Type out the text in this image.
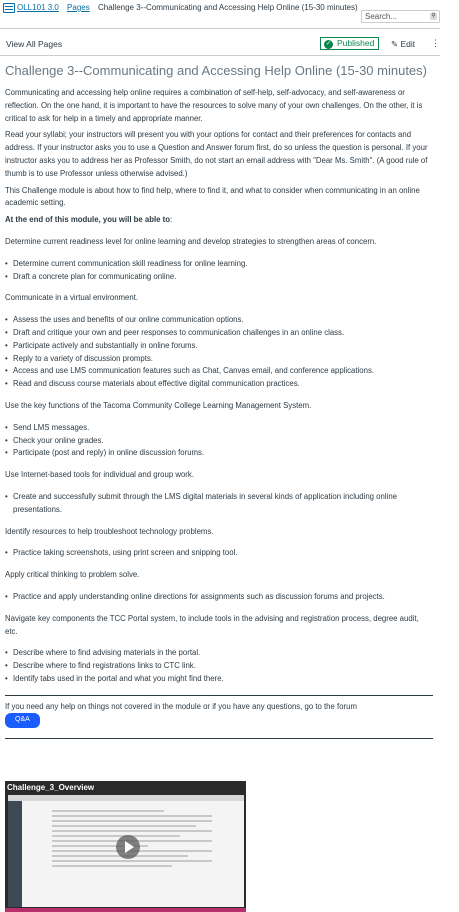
OLL101 3.0 Pages Challenge 3--Communicating and Accessing Help Online (15-30 minutes)
Search...	⚲
View All Pages	✓ Published	✎ Edit ⋮
Challenge 3--Communicating and Accessing Help Online (15-30 minutes)

Communicating and accessing help online requires a combination of self-help, self-advocacy, and self-awareness or reflection. On the one hand, it is important to have the resources to solve many of your own challenges. On the other, it is critical to ask for help in a timely and appropriate manner.

Read your syllabi; your instructors will present you with your options for contact and their preferences for contacts and address. If your instructor asks you to use a Question and Answer forum first, do so unless the question is personal. If your instructor asks you to address her as Professor Smith, do not start an email address with "Dear Ms. Smith". (A good rule of thumb is to use Professor unless otherwise advised.)

This Challenge module is about how to find help, where to find it, and what to consider when communicating in an online academic setting.

At the end of this module, you will be able to:

Determine current readiness level for online learning and develop strategies to strengthen areas of concern.

• Determine current communication skill readiness for online learning.
• Draft a concrete plan for communicating online.

Communicate in a virtual environment.

• Assess the uses and benefits of our online communication options.
• Draft and critique your own and peer responses to communication challenges in an online class.
• Participate actively and substantially in online forums.
• Reply to a variety of discussion prompts.
• Access and use LMS communication features such as Chat, Canvas email, and conference applications.
• Read and discuss course materials about effective digital communication practices.

Use the key functions of the Tacoma Community College Learning Management System.

• Send LMS messages.
• Check your online grades.
• Participate (post and reply) in online discussion forums.

Use Internet-based tools for individual and group work.

• Create and successfully submit through the LMS digital materials in several kinds of application including online presentations.

Identify resources to help troubleshoot technology problems.

• Practice taking screenshots, using print screen and snipping tool.

Apply critical thinking to problem solve.

• Practice and apply understanding online directions for assignments such as discussion forums and projects.

Navigate key components the TCC Portal system, to include tools in the advising and registration process, degree audit, etc.

• Describe where to find advising materials in the portal.
• Describe where to find registrations links to CTC link.
• Identify tabs used in the portal and what you might find there.

If you need any help on things not covered in the module or if you have any questions, go to the forum

Q&A
Challenge_3_Overview
